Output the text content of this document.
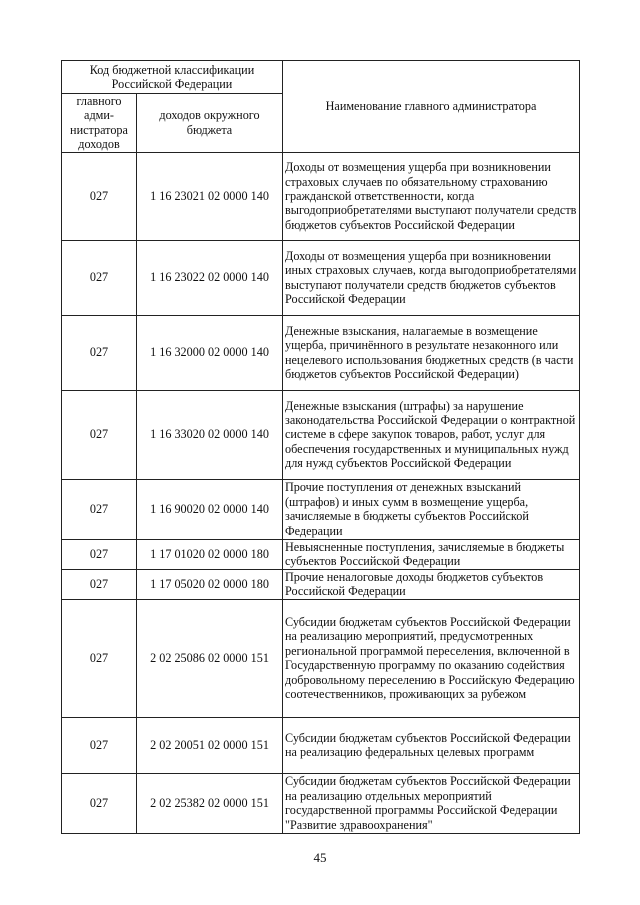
Код бюджетной классификации Российской Федерации		Наименование главного администратора
главного адми-нистратора доходов	доходов окружного бюджета	
027	1 16 23021 02 0000 140	Доходы от возмещения ущерба при возникновении страховых случаев по обязательному страхованию гражданской ответственности, когда выгодоприобретателями выступают получатели средств бюджетов субъектов Российской Федерации
027	1 16 23022 02 0000 140	Доходы от возмещения ущерба при возникновении иных страховых случаев, когда выгодоприобретателями выступают получатели средств бюджетов субъектов Российской Федерации
027	1 16 32000 02 0000 140	Денежные взыскания, налагаемые в возмещение ущерба, причинённого в результате незаконного или нецелевого использования бюджетных средств (в части бюджетов субъектов Российской Федерации)
027	1 16 33020 02 0000 140	Денежные взыскания (штрафы) за нарушение законодательства Российской Федерации о контрактной системе в сфере закупок товаров, работ, услуг для обеспечения государственных и муниципальных нужд для нужд субъектов Российской Федерации
027	1 16 90020 02 0000 140	Прочие поступления от денежных взысканий (штрафов) и иных сумм в возмещение ущерба, зачисляемые в бюджеты субъектов Российской Федерации
027	1 17 01020 02 0000 180	Невыясненные поступления, зачисляемые в бюджеты субъектов Российской Федерации
027	1 17 05020 02 0000 180	Прочие неналоговые доходы бюджетов субъектов Российской Федерации
027	2 02 25086 02 0000 151	Субсидии бюджетам субъектов Российской Федерации на реализацию мероприятий, предусмотренных региональной программой переселения, включенной в Государственную программу по оказанию содействия добровольному переселению в Российскую Федерацию соотечественников, проживающих за рубежом
027	2 02 20051 02 0000 151	Субсидии бюджетам субъектов Российской Федерации на реализацию федеральных целевых программ
027	2 02 25382 02 0000 151	Субсидии бюджетам субъектов Российской Федерации на реализацию отдельных мероприятий государственной программы Российской Федерации "Развитие здравоохранения"
45
